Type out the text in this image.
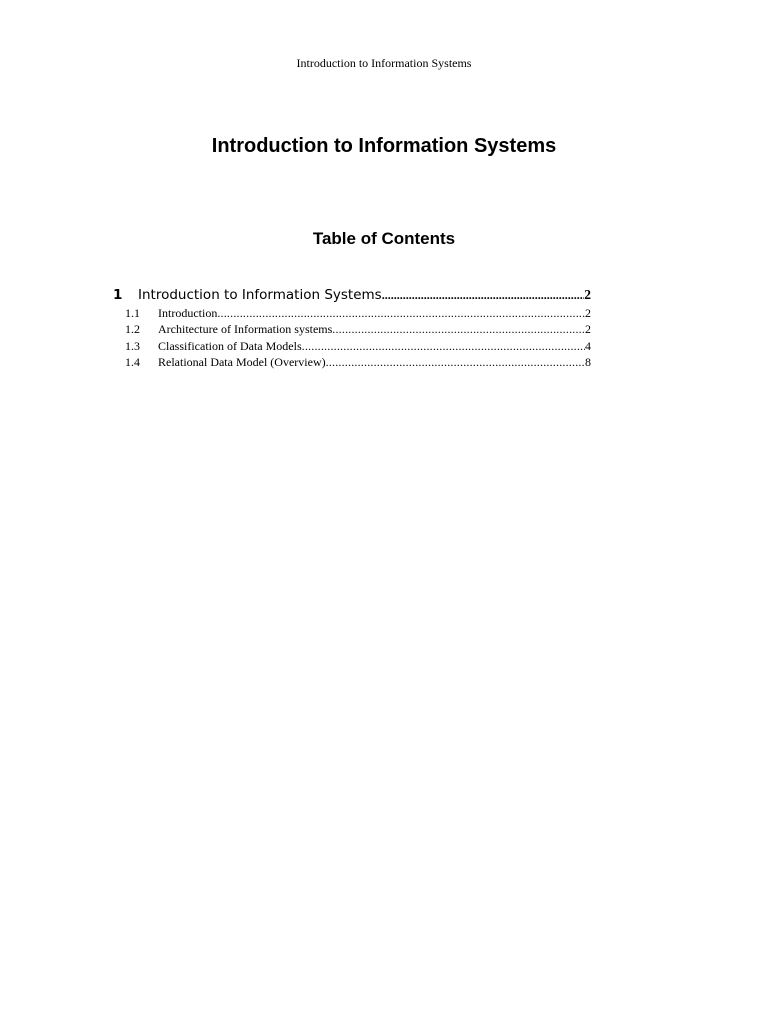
Introduction to Information Systems
Introduction to Information Systems
Table of Contents
1	Introduction to Information Systems .....	2
1.1	Introduction .....	2
1.2	Architecture of Information systems .....	2
1.3	Classification of Data Models .....	4
1.4	Relational Data Model (Overview) .....	8
